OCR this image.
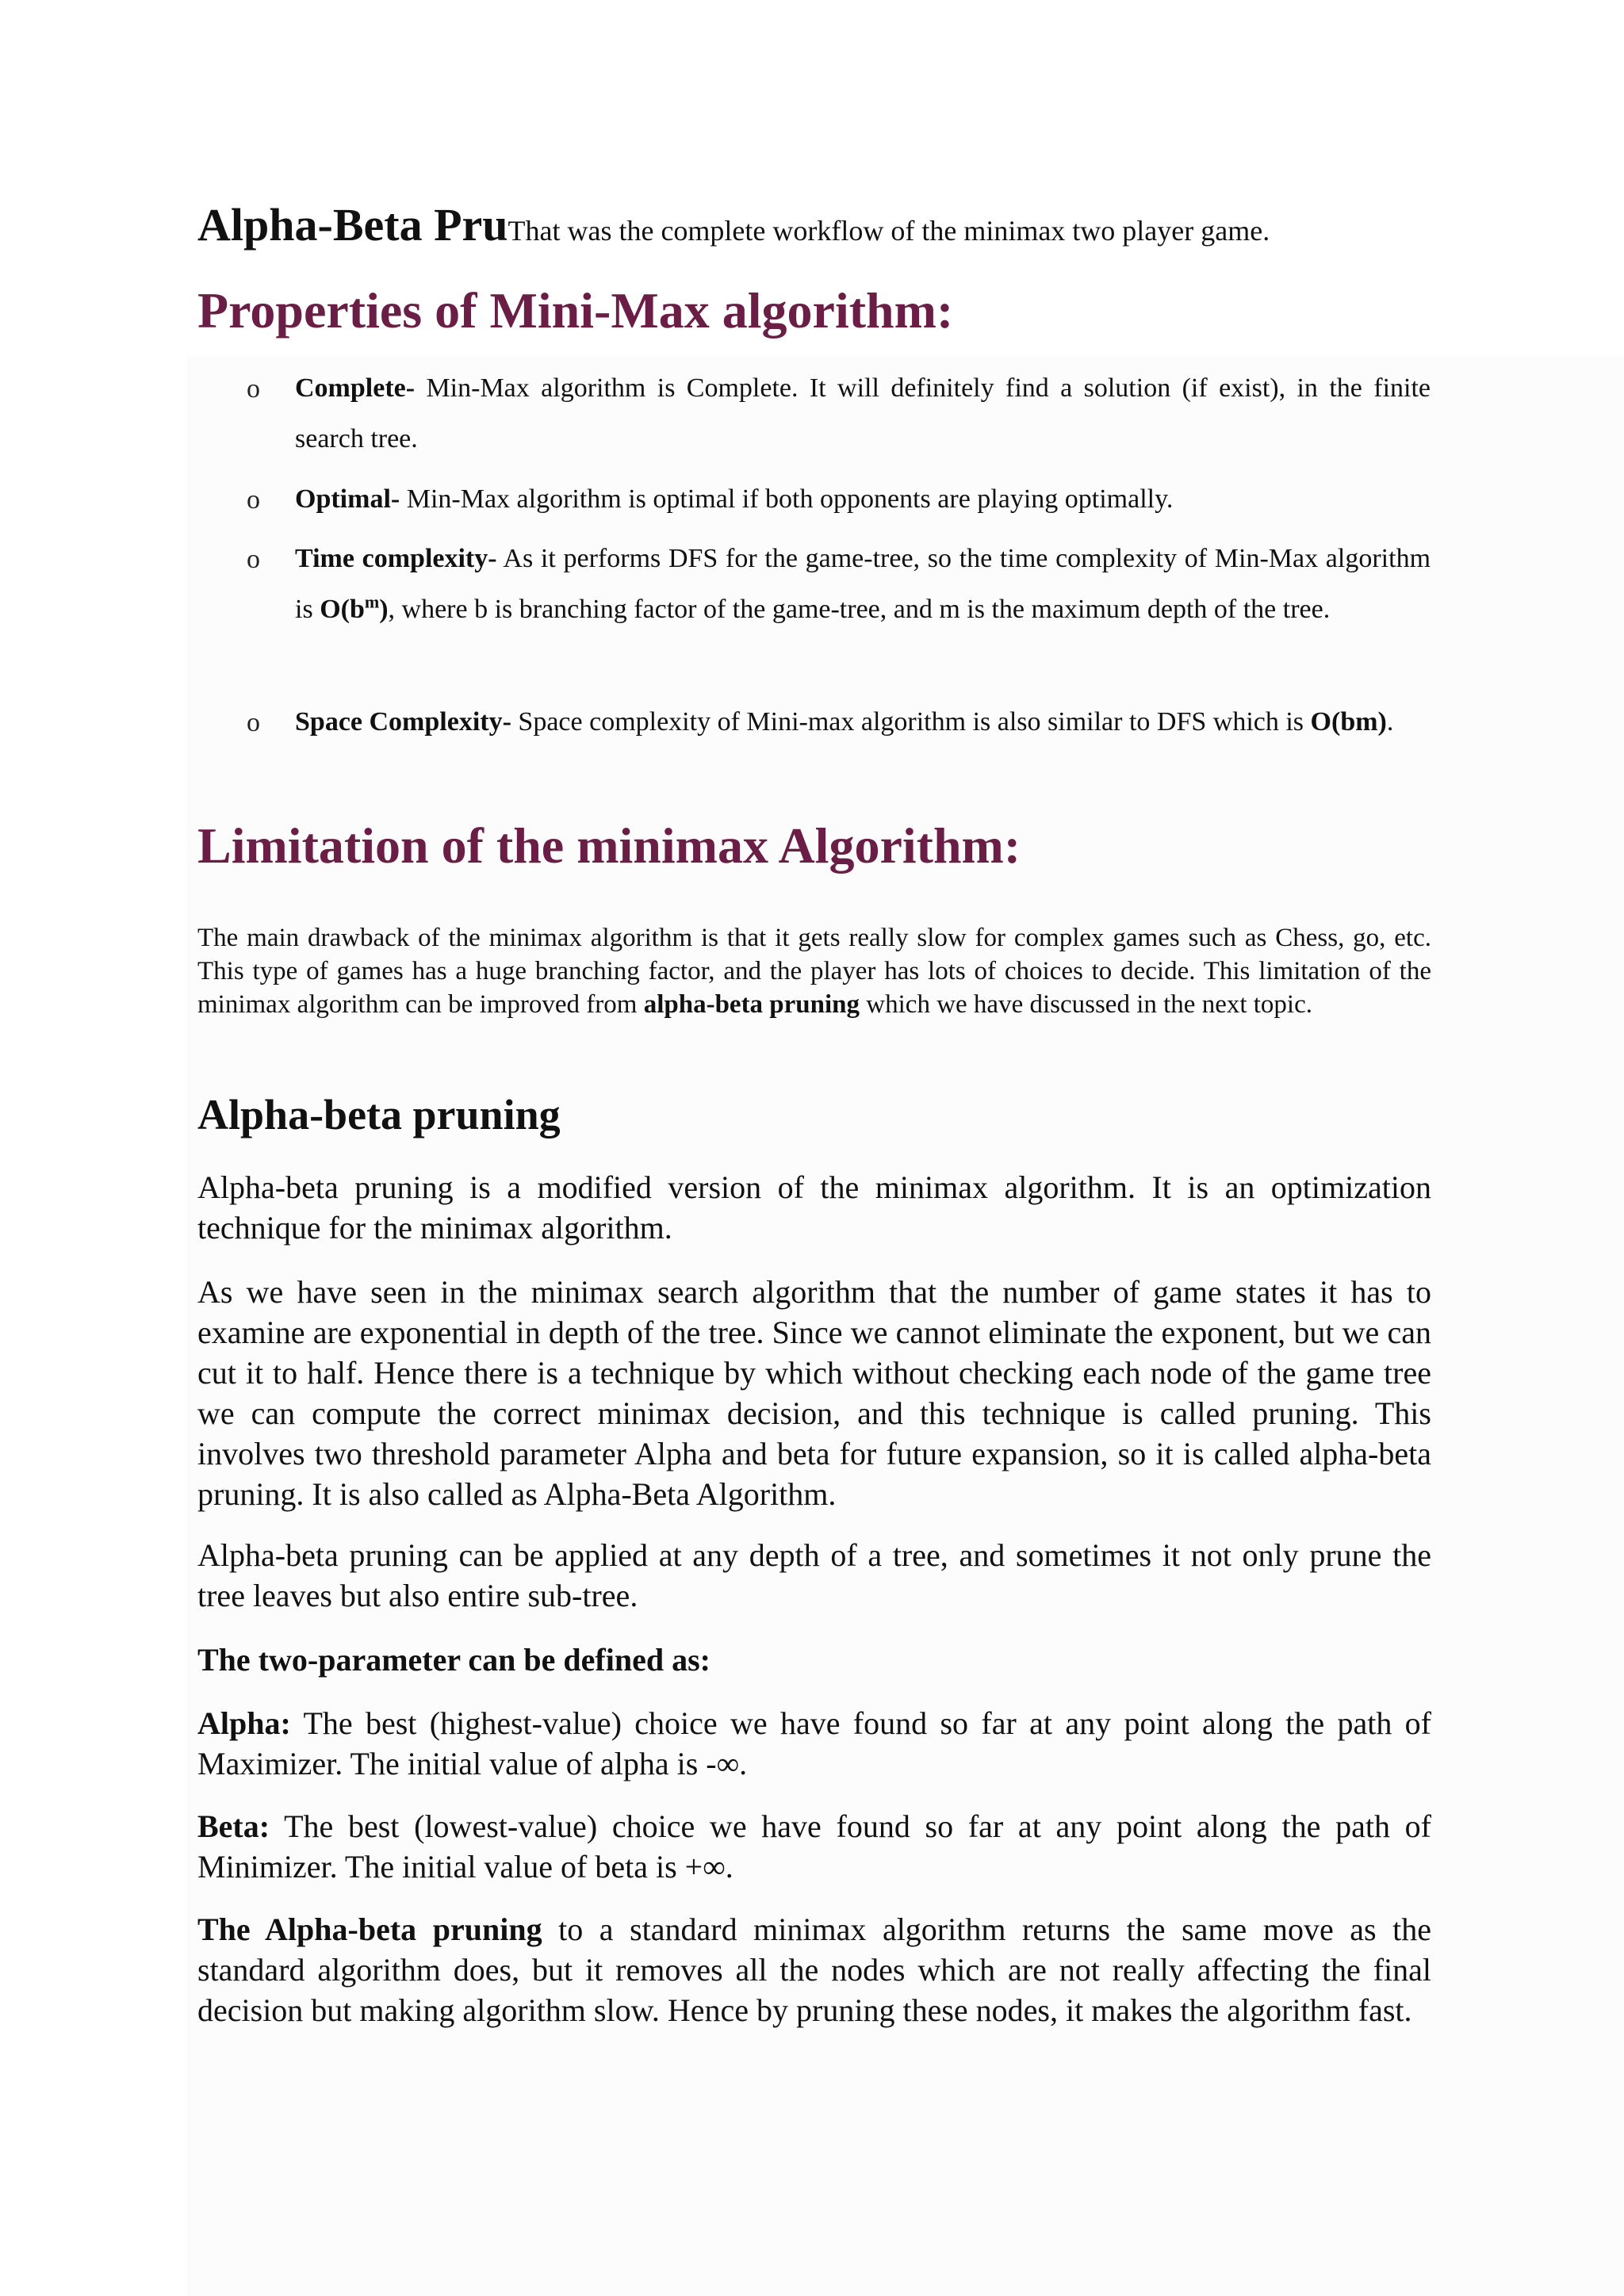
Alpha-Beta PruThat was the complete workflow of the minimax two player game.
Properties of Mini-Max algorithm:
o Complete- Min-Max algorithm is Complete. It will definitely find a solution (if exist), in the finite search tree.
o Optimal- Min-Max algorithm is optimal if both opponents are playing optimally.
o Time complexity- As it performs DFS for the game-tree, so the time complexity of Min-Max algorithm is $O(b^m)$, where b is branching factor of the game-tree, and m is the maximum depth of the tree.
o Space Complexity- Space complexity of Mini-max algorithm is also similar to DFS which is O(bm).
Limitation of the minimax Algorithm:

The main drawback of the minimax algorithm is that it gets really slow for complex games such as Chess, go, etc. This type of games has a huge branching factor, and the player has lots of choices to decide. This limitation of the minimax algorithm can be improved from alpha-beta pruning which we have discussed in the next topic.

Alpha-beta pruning

Alpha-beta pruning is a modified version of the minimax algorithm. It is an optimization technique for the minimax algorithm.

As we have seen in the minimax search algorithm that the number of game states it has to examine are exponential in depth of the tree. Since we cannot eliminate the exponent, but we can cut it to half. Hence there is a technique by which without checking each node of the game tree we can compute the correct minimax decision, and this technique is called pruning. This involves two threshold parameter Alpha and beta for future expansion, so it is called alpha-beta pruning. It is also called as Alpha-Beta Algorithm.

Alpha-beta pruning can be applied at any depth of a tree, and sometimes it not only prune the tree leaves but also entire sub-tree.

The two-parameter can be defined as:

Alpha: The best (highest-value) choice we have found so far at any point along the path of Maximizer. The initial value of alpha is -∞.

Beta: The best (lowest-value) choice we have found so far at any point along the path of Minimizer. The initial value of beta is +∞.

The Alpha-beta pruning to a standard minimax algorithm returns the same move as the standard algorithm does, but it removes all the nodes which are not really affecting the final decision but making algorithm slow. Hence by pruning these nodes, it makes the algorithm fast.
